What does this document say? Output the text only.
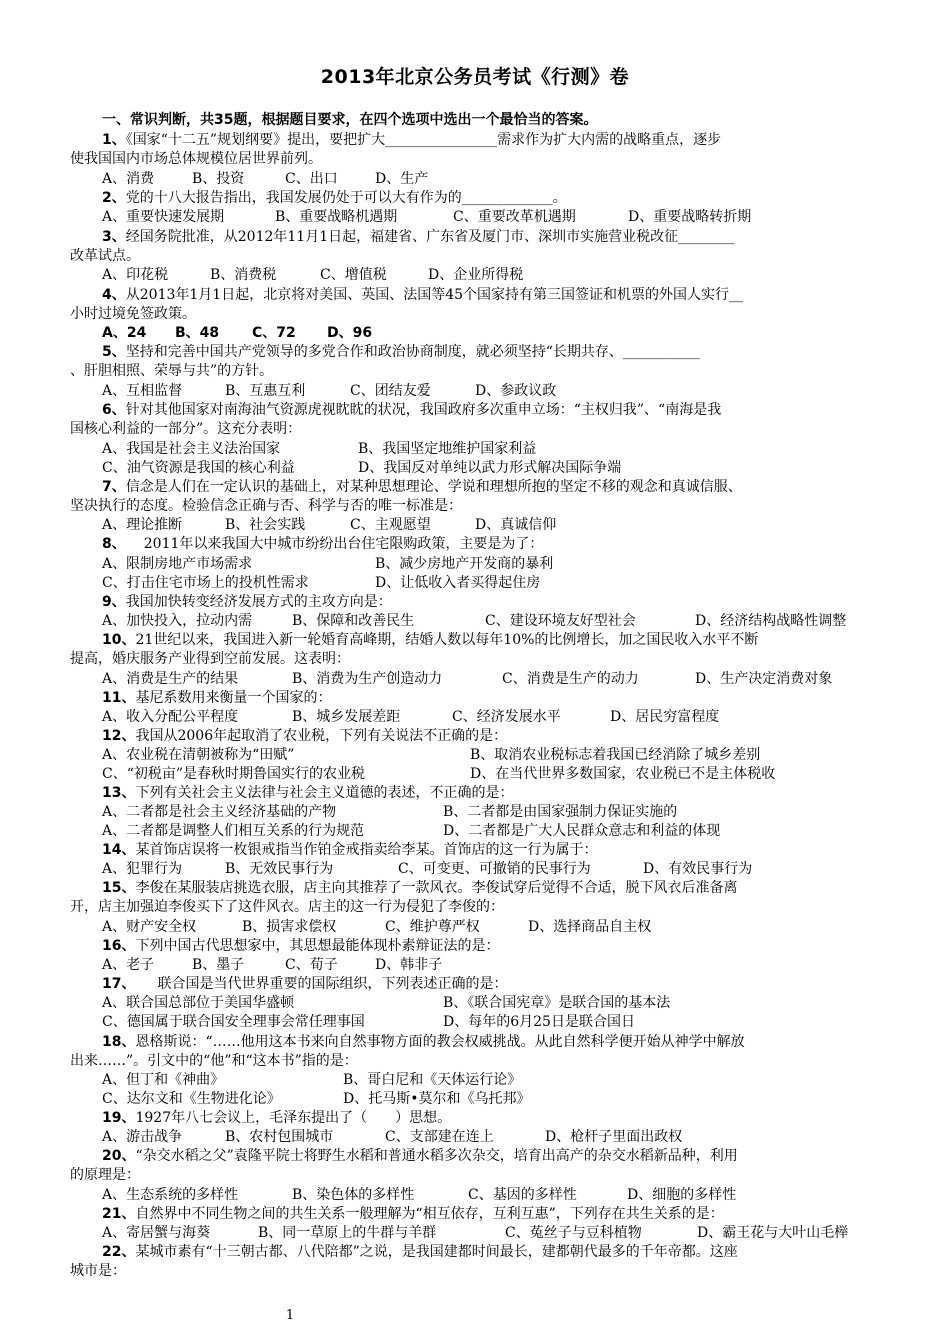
2013年北京公务员考试《行测》卷
一、常识判断，共35题，根据题目要求，在四个选项中选出一个最恰当的答案。
1、《国家“十二五”规划纲要》提出，要把扩大________________需求作为扩大内需的战略重点，逐步
使我国国内市场总体规模位居世界前列。
A、消费	B、投资	C、出口	D、生产
2、党的十八大报告指出，我国发展仍处于可以大有作为的_____________。
A、重要快速发展期	B、重要战略机遇期	C、重要改革机遇期	D、重要战略转折期
3、经国务院批准，从2012年11月1日起，福建省、广东省及厦门市、深圳市实施营业税改征________
改革试点。
A、印花税	B、消费税	C、增值税	D、企业所得税
4、从2013年1月1日起，北京将对美国、英国、法国等45个国家持有第三国签证和机票的外国人实行__
小时过境免签政策。
A、24 B、48 C、72 D、96
5、坚持和完善中国共产党领导的多党合作和政治协商制度，就必须坚持“长期共存、___________
、肝胆相照、荣辱与共”的方针。
A、互相监督	B、互惠互利	C、团结友爱	D、参政议政
6、针对其他国家对南海油气资源虎视眈眈的状况，我国政府多次重申立场：“主权归我”、“南海是我
国核心利益的一部分”。这充分表明：
A、我国是社会主义法治国家	B、我国坚定地维护国家利益
C、油气资源是我国的核心利益	D、我国反对单纯以武力形式解决国际争端
7、信念是人们在一定认识的基础上，对某种思想理论、学说和理想所抱的坚定不移的观念和真诚信服、
坚决执行的态度。检验信念正确与否、科学与否的唯一标准是：
A、理论推断	B、社会实践	C、主观愿望	D、真诚信仰
8、 2011年以来我国大中城市纷纷出台住宅限购政策，主要是为了：
A、限制房地产市场需求	B、减少房地产开发商的暴利
C、打击住宅市场上的投机性需求	D、让低收入者买得起住房
9、我国加快转变经济发展方式的主攻方向是：
A、加快投入，拉动内需	B、保障和改善民生	C、建设环境友好型社会	D、经济结构战略性调整
10、21世纪以来，我国进入新一轮婚育高峰期，结婚人数以每年10%的比例增长，加之国民收入水平不断
提高，婚庆服务产业得到空前发展。这表明：
A、消费是生产的结果	B、消费为生产创造动力	C、消费是生产的动力	D、生产决定消费对象
11、基尼系数用来衡量一个国家的：
A、收入分配公平程度	B、城乡发展差距	C、经济发展水平	D、居民穷富程度
12、我国从2006年起取消了农业税，下列有关说法不正确的是：
A、农业税在清朝被称为“田赋”	B、取消农业税标志着我国已经消除了城乡差别
C、“初税亩”是春秋时期鲁国实行的农业税	D、在当代世界多数国家，农业税已不是主体税收
13、下列有关社会主义法律与社会主义道德的表述，不正确的是：
A、二者都是社会主义经济基础的产物	B、二者都是由国家强制力保证实施的
A、二者都是调整人们相互关系的行为规范	D、二者都是广大人民群众意志和利益的体现
14、某首饰店误将一枚银戒指当作铂金戒指卖给李某。首饰店的这一行为属于：
A、犯罪行为	B、无效民事行为	C、可变更、可撤销的民事行为	D、有效民事行为
15、李俊在某服装店挑选衣服，店主向其推荐了一款风衣。李俊试穿后觉得不合适，脱下风衣后准备离
开，店主加强迫李俊买下了这件风衣。店主的这一行为侵犯了李俊的：
A、财产安全权	B、损害求偿权	C、维护尊严权	D、选择商品自主权
16、下列中国古代思想家中，其思想最能体现朴素辩证法的是：
A、老子	B、墨子	C、荀子	D、韩非子
17、 联合国是当代世界重要的国际组织，下列表述正确的是：
A、联合国总部位于美国华盛顿	B、《联合国宪章》是联合国的基本法
C、德国属于联合国安全理事会常任理事国	D、每年的6月25日是联合国日
18、恩格斯说：“……他用这本书来向自然事物方面的教会权威挑战。从此自然科学便开始从神学中解放
出来……”。引文中的“他”和“这本书”指的是：
A、但丁和《神曲》	B、哥白尼和《天体运行论》
C、达尔文和《生物进化论》	D、托马斯•莫尔和《乌托邦》
19、1927年八七会议上，毛泽东提出了（　　）思想。
A、游击战争	B、农村包围城市	C、支部建在连上	D、枪杆子里面出政权
20、“杂交水稻之父”袁隆平院士将野生水稻和普通水稻多次杂交，培育出高产的杂交水稻新品种，利用
的原理是：
A、生态系统的多样性	B、染色体的多样性	C、基因的多样性	D、细胞的多样性
21、自然界中不同生物之间的共生关系一般理解为“相互依存，互利互惠”，下列存在共生关系的是：
A、寄居蟹与海葵	B、同一草原上的牛群与羊群	C、菟丝子与豆科植物	D、霸王花与大叶山毛榉
22、某城市素有“十三朝古都、八代陪都”之说，是我国建都时间最长，建都朝代最多的千年帝都。这座
城市是：
1
